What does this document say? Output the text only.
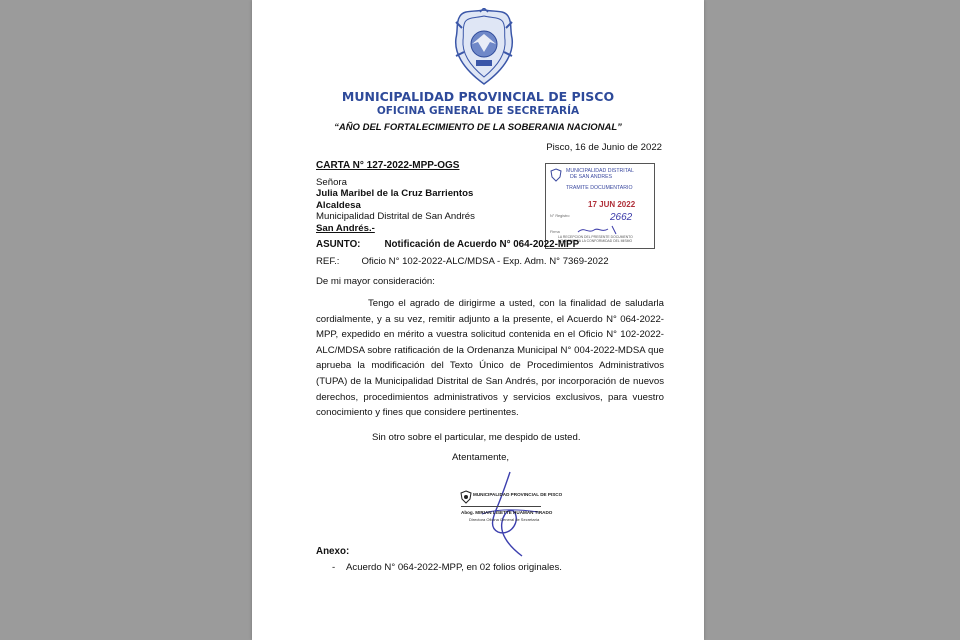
MUNICIPALIDAD PROVINCIAL DE PISCO
OFICINA GENERAL DE SECRETARÍA
“AÑO DEL FORTALECIMIENTO DE LA SOBERANIA NACIONAL”
Pisco, 16 de Junio de 2022
CARTA N° 127-2022-MPP-OGS
Señora
Julia Maribel de la Cruz Barrientos
Alcaldesa
Municipalidad Distrital de San Andrés
San Andrés.-
MUNICIPALIDAD DISTRITAL
DE SAN ANDRES
TRAMITE DOCUMENTARIO
17 JUN 2022
N° Registro	2662
Firma
LA RECEPCION DEL PRESENTE DOCUMENTO
NO SIGNIFICA LA CONFORMIDAD DEL MISMO
ASUNTO: Notificación de Acuerdo N° 064-2022-MPP
REF.: Oficio N° 102-2022-ALC/MDSA - Exp. Adm. N° 7369-2022
De mi mayor consideración:
Tengo el agrado de dirigirme a usted, con la finalidad de saludarla cordialmente, y a su vez, remitir adjunto a la presente, el Acuerdo N° 064-2022-MPP, expedido en mérito a vuestra solicitud contenida en el Oficio N° 102-2022-ALC/MDSA sobre ratificación de la Ordenanza Municipal N° 004-2022-MDSA que aprueba la modificación del Texto Único de Procedimientos Administrativos (TUPA) de la Municipalidad Distrital de San Andrés, por incorporación de nuevos derechos, procedimientos administrativos y servicios exclusivos, para vuestro conocimiento y fines que considere pertinentes.
Sin otro sobre el particular, me despido de usted.
Atentamente,
MUNICIPALIDAD PROVINCIAL DE PISCO
Abog. MIRIAN LISETTE HUAMAN TIRADO
Directora Oficina General de Secretaría
Anexo:
- Acuerdo N° 064-2022-MPP, en 02 folios originales.
